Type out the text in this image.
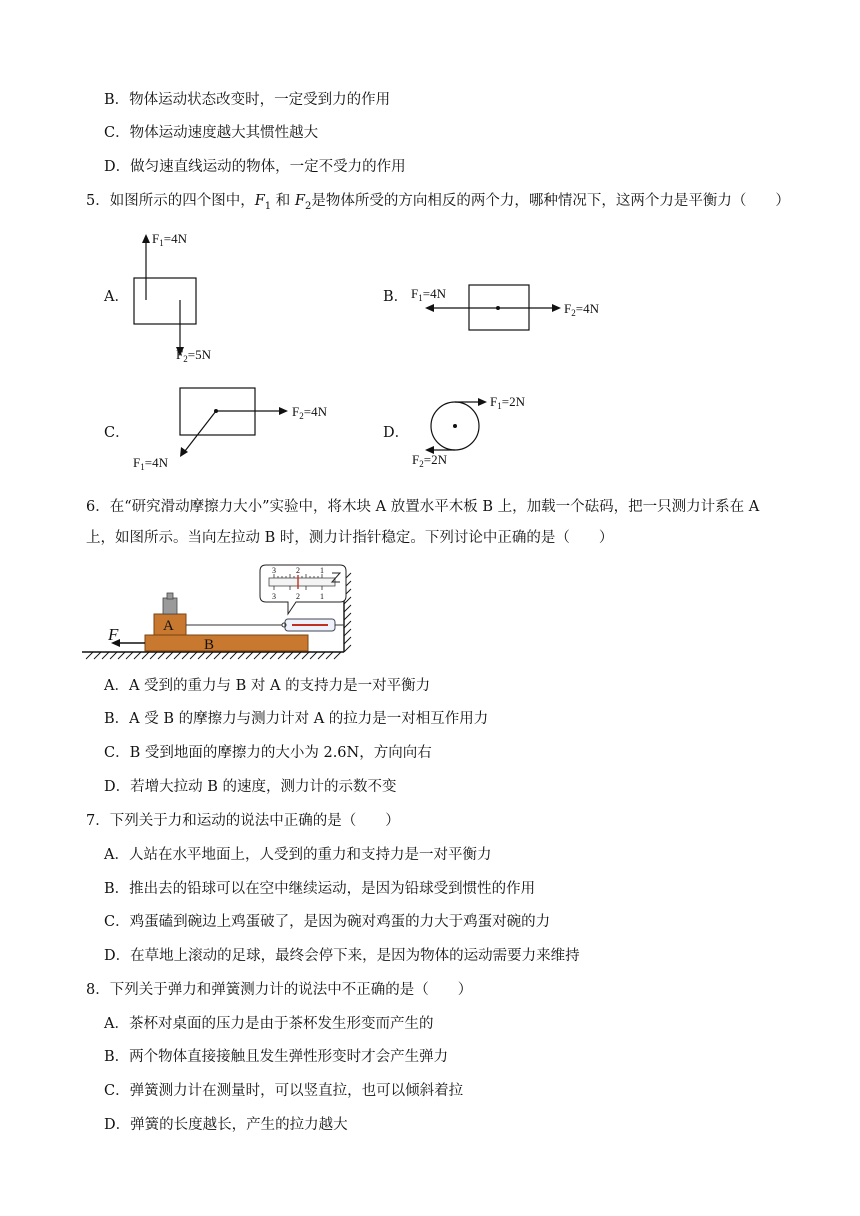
B．物体运动状态改变时，一定受到力的作用
C．物体运动速度越大其惯性越大
D．做匀速直线运动的物体，一定不受力的作用
5．如图所示的四个图中，$F_1$ 和 $F_2$是物体所受的方向相反的两个力，哪种情况下，这两个力是平衡力（　　）
A．	B．
C．	D．
$F_1=4N$
$F_2=5N$
$F_1=4N$
$F_2=4N$
$F_2=4N$
$F_1=4N$
$F_1=2N$
$F_2=2N$
6．在“研究滑动摩擦力大小”实验中，将木块 A 放置水平木板 B 上，加载一个砝码，把一只测力计系在 A
上，如图所示。当向左拉动 B 时，测力计指针稳定。下列讨论中正确的是（　　）
B
A
3 2 1
3 2 1
F
A．A 受到的重力与 B 对 A 的支持力是一对平衡力
B．A 受 B 的摩擦力与测力计对 A 的拉力是一对相互作用力
C．B 受到地面的摩擦力的大小为 2.6N，方向向右
D．若增大拉动 B 的速度，测力计的示数不变
7．下列关于力和运动的说法中正确的是（　　）
A．人站在水平地面上，人受到的重力和支持力是一对平衡力
B．推出去的铅球可以在空中继续运动，是因为铅球受到惯性的作用
C．鸡蛋磕到碗边上鸡蛋破了，是因为碗对鸡蛋的力大于鸡蛋对碗的力
D．在草地上滚动的足球，最终会停下来，是因为物体的运动需要力来维持
8．下列关于弹力和弹簧测力计的说法中不正确的是（　　）
A．茶杯对桌面的压力是由于茶杯发生形变而产生的
B．两个物体直接接触且发生弹性形变时才会产生弹力
C．弹簧测力计在测量时，可以竖直拉，也可以倾斜着拉
D．弹簧的长度越长，产生的拉力越大
